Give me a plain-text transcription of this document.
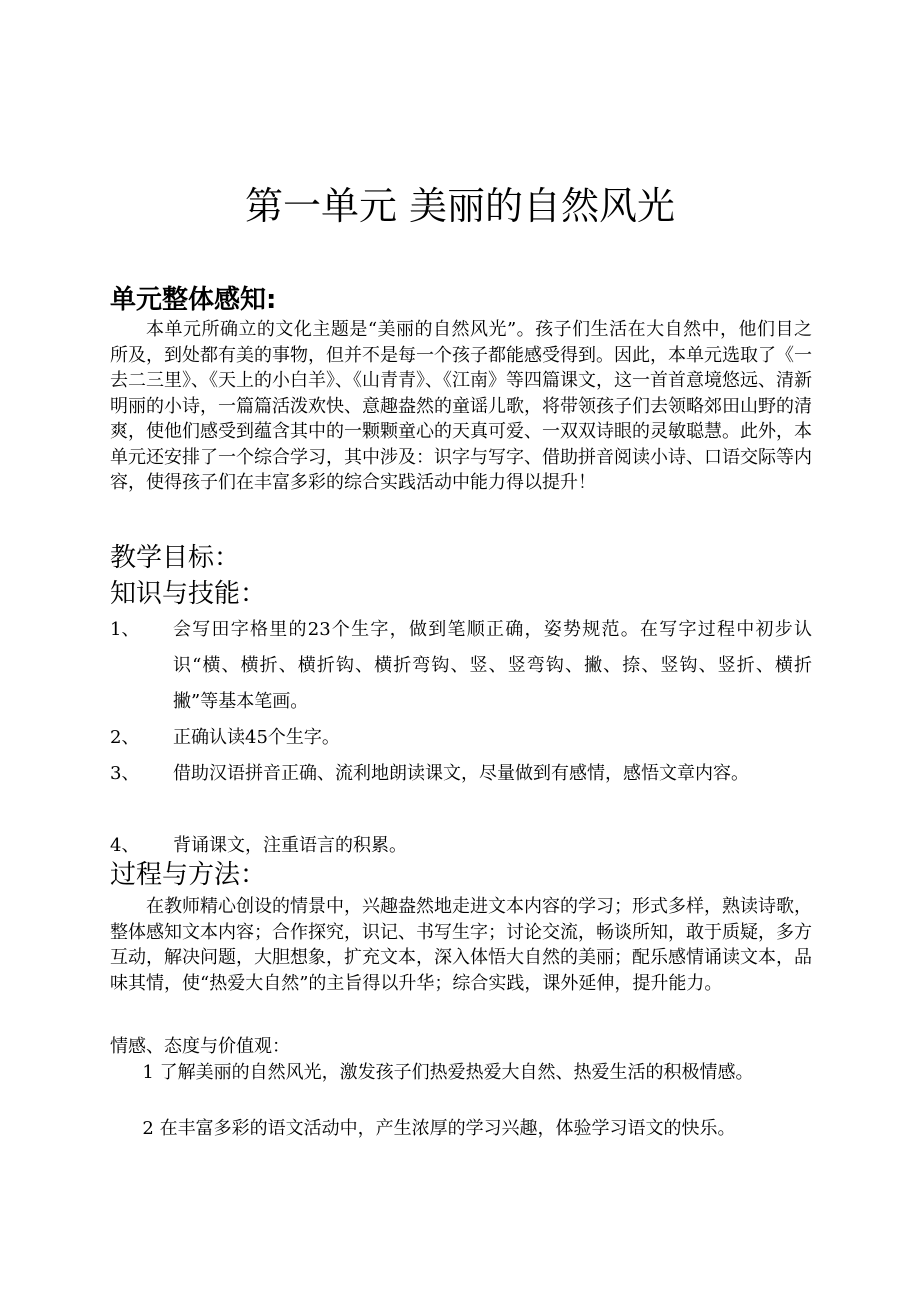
第一单元 美丽的自然风光
单元整体感知:

本单元所确立的文化主题是“美丽的自然风光”。孩子们生活在大自然中，他们目之所及，到处都有美的事物，但并不是每一个孩子都能感受得到。因此，本单元选取了《一去二三里》、《天上的小白羊》、《山青青》、《江南》等四篇课文，这一首首意境悠远、清新明丽的小诗，一篇篇活泼欢快、意趣盎然的童谣儿歌，将带领孩子们去领略郊田山野的清爽，使他们感受到蕴含其中的一颗颗童心的天真可爱、一双双诗眼的灵敏聪慧。此外，本单元还安排了一个综合学习，其中涉及：识字与写字、借助拼音阅读小诗、口语交际等内容，使得孩子们在丰富多彩的综合实践活动中能力得以提升！

教学目标：
知识与技能：
1、 会写田字格里的23个生字，做到笔顺正确，姿势规范。在写字过程中初步认识“横、横折、横折钩、横折弯钩、竖、竖弯钩、撇、捺、竖钩、竖折、横折撇”等基本笔画。

2、 正确认读45个生字。

3、 借助汉语拼音正确、流利地朗读课文，尽量做到有感情，感悟文章内容。

4、 背诵课文，注重语言的积累。

过程与方法：

在教师精心创设的情景中，兴趣盎然地走进文本内容的学习；形式多样，熟读诗歌，整体感知文本内容；合作探究，识记、书写生字；讨论交流，畅谈所知，敢于质疑，多方互动，解决问题，大胆想象，扩充文本，深入体悟大自然的美丽；配乐感情诵读文本，品味其情，使“热爱大自然”的主旨得以升华；综合实践，课外延伸，提升能力。

情感、态度与价值观：

1 了解美丽的自然风光，激发孩子们热爱热爱大自然、热爱生活的积极情感。

2 在丰富多彩的语文活动中，产生浓厚的学习兴趣，体验学习语文的快乐。
